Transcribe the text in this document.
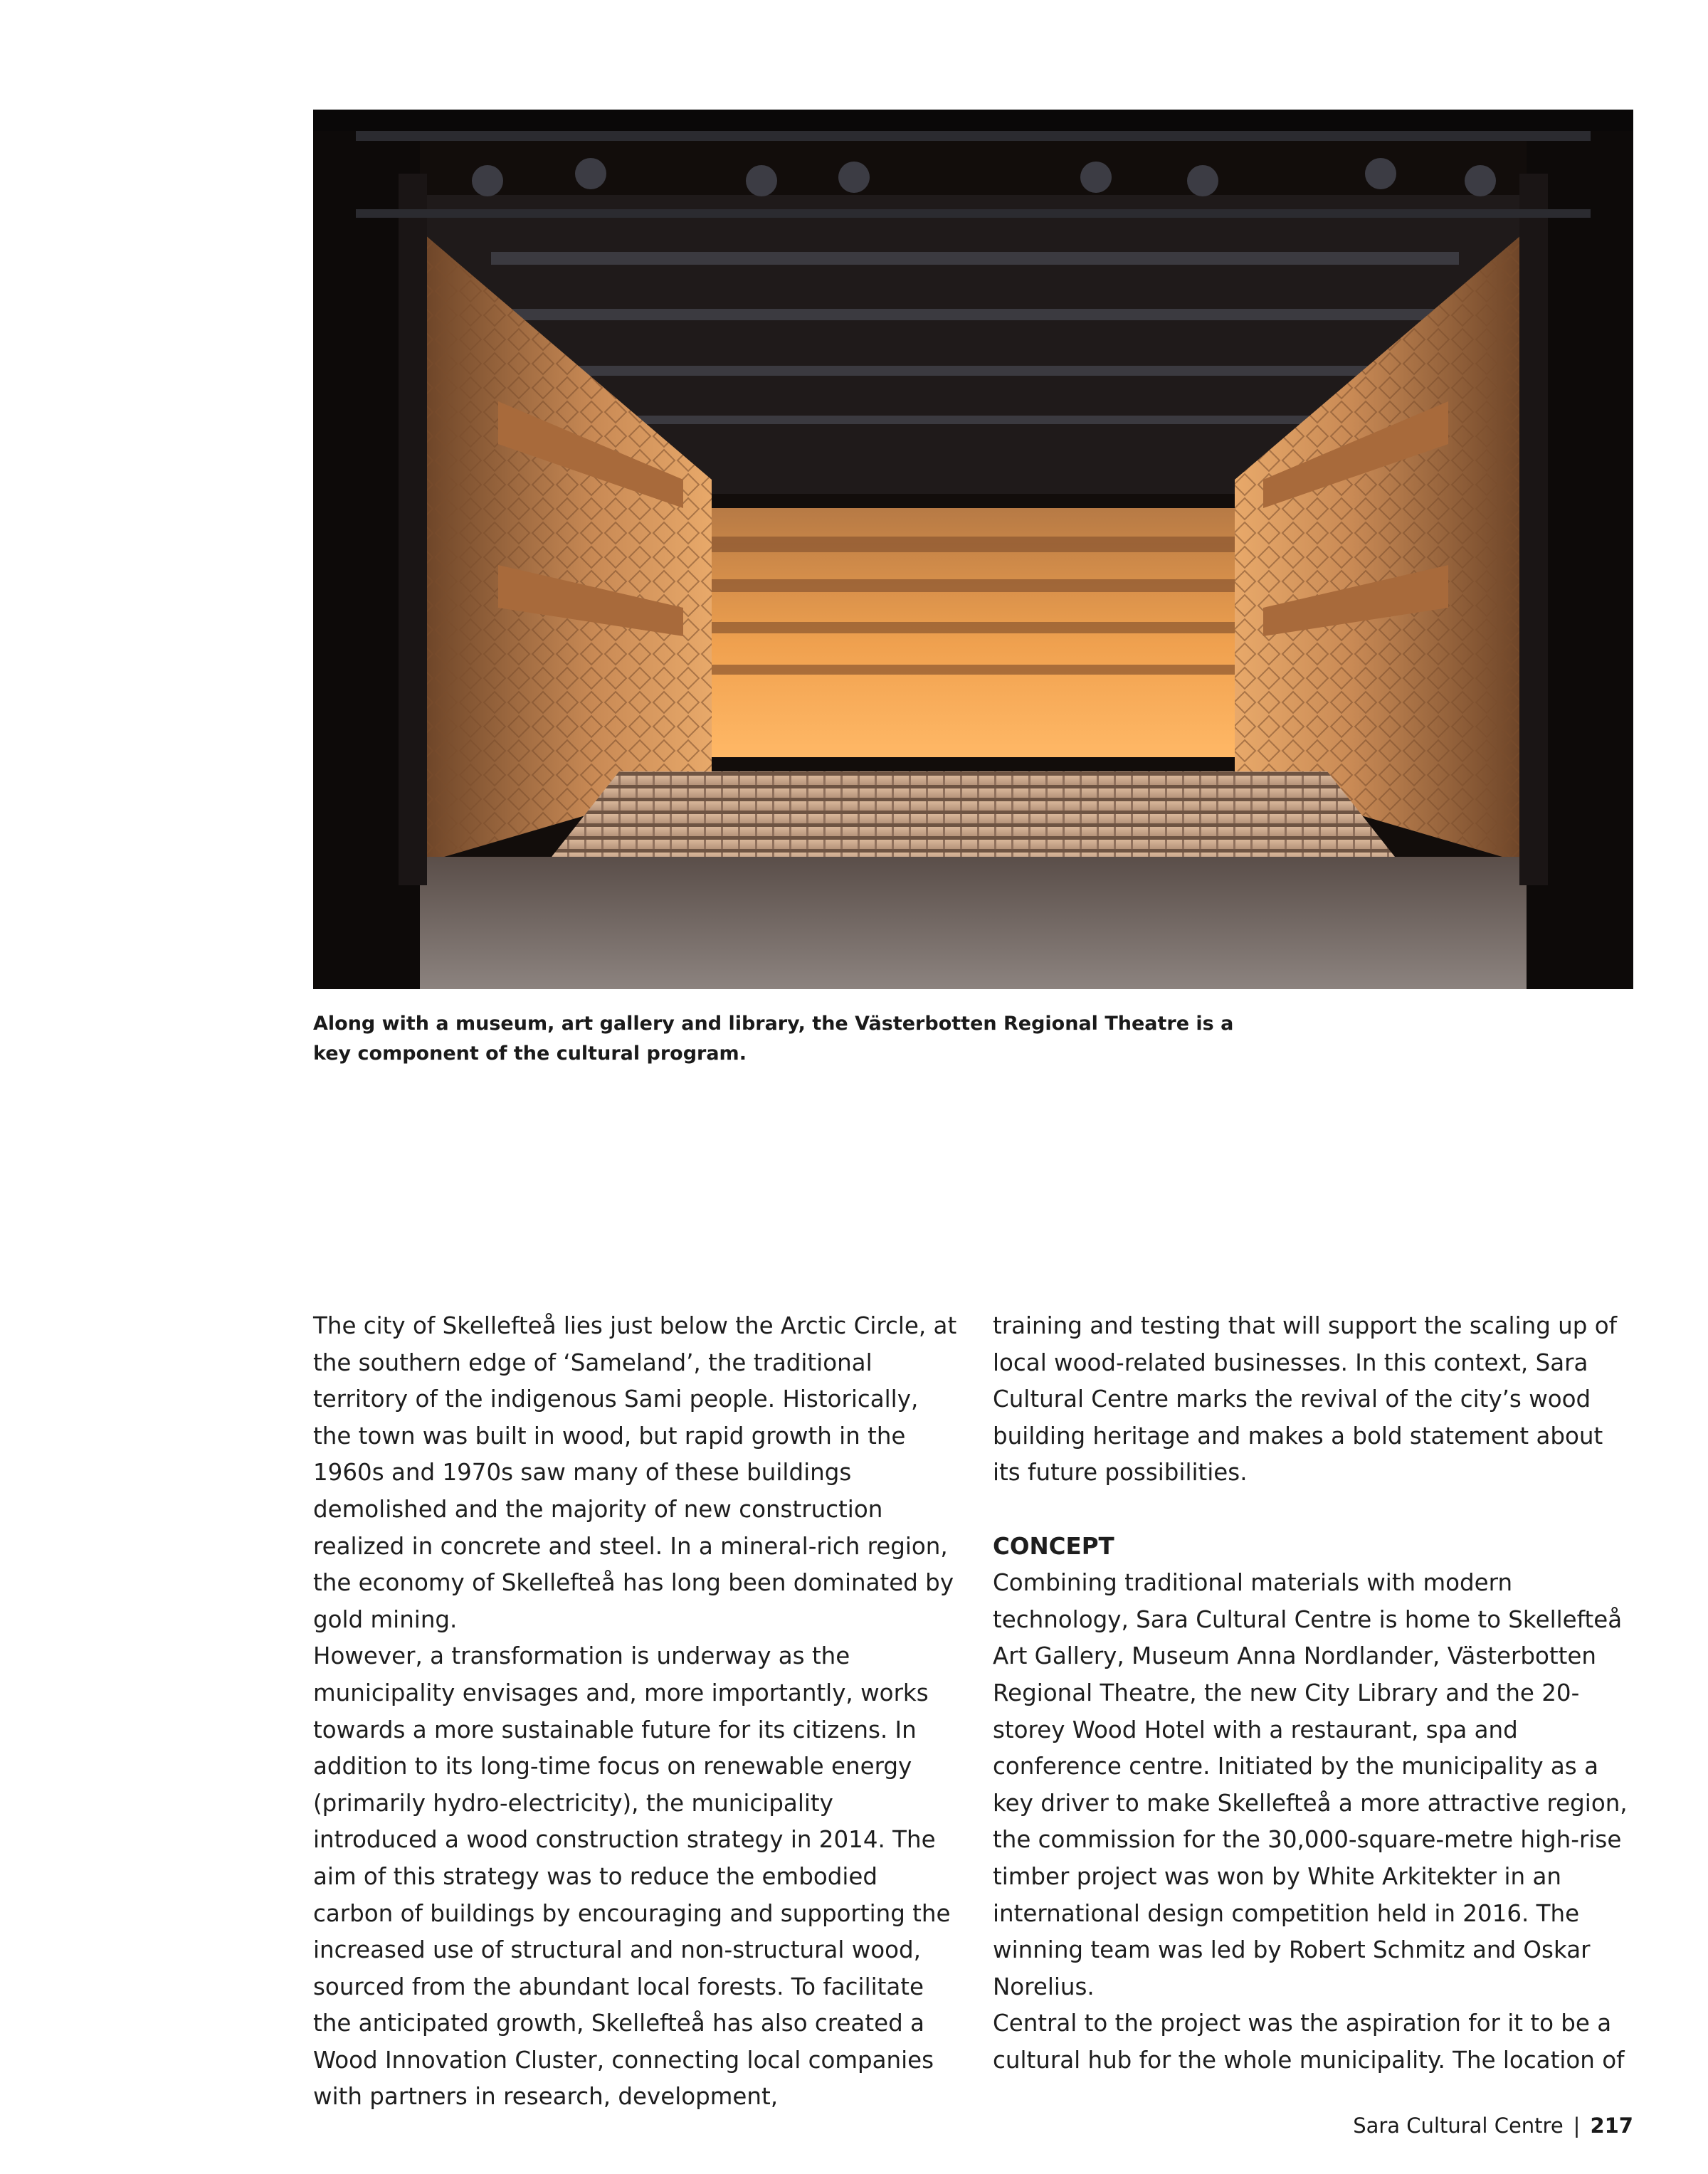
Along with a museum, art gallery and library, the Västerbotten Regional Theatre is a key component of the cultural program.

The city of Skellefteå lies just below the Arctic Circle, at the southern edge of ‘Sameland’, the traditional territory of the indigenous Sami people. Historically, the town was built in wood, but rapid growth in the 1960s and 1970s saw many of these buildings demolished and the majority of new construction realized in concrete and steel. In a mineral-rich region, the economy of Skellefteå has long been dominated by gold mining.

However, a transformation is underway as the municipality envisages and, more importantly, works towards a more sustainable future for its citizens. In addition to its long-time focus on renewable energy (primarily hydro-electricity), the municipality introduced a wood construction strategy in 2014. The aim of this strategy was to reduce the embodied carbon of buildings by encouraging and supporting the increased use of structural and non-structural wood, sourced from the abundant local forests. To facilitate the anticipated growth, Skellefteå has also created a Wood Innovation Cluster, connecting local companies with partners in research, development,

training and testing that will support the scaling up of local wood-related businesses. In this context, Sara Cultural Centre marks the revival of the city’s wood building heritage and makes a bold statement about its future possibilities.

CONCEPT

Combining traditional materials with modern technology, Sara Cultural Centre is home to Skellefteå Art Gallery, Museum Anna Nordlander, Västerbotten Regional Theatre, the new City Library and the 20-storey Wood Hotel with a restaurant, spa and conference centre. Initiated by the municipality as a key driver to make Skellefteå a more attractive region, the commission for the 30,000-square-metre high-rise timber project was won by White Arkitekter in an international design competition held in 2016. The winning team was led by Robert Schmitz and Oskar Norelius.

Central to the project was the aspiration for it to be a cultural hub for the whole municipality. The location of

Sara Cultural Centre | 217
